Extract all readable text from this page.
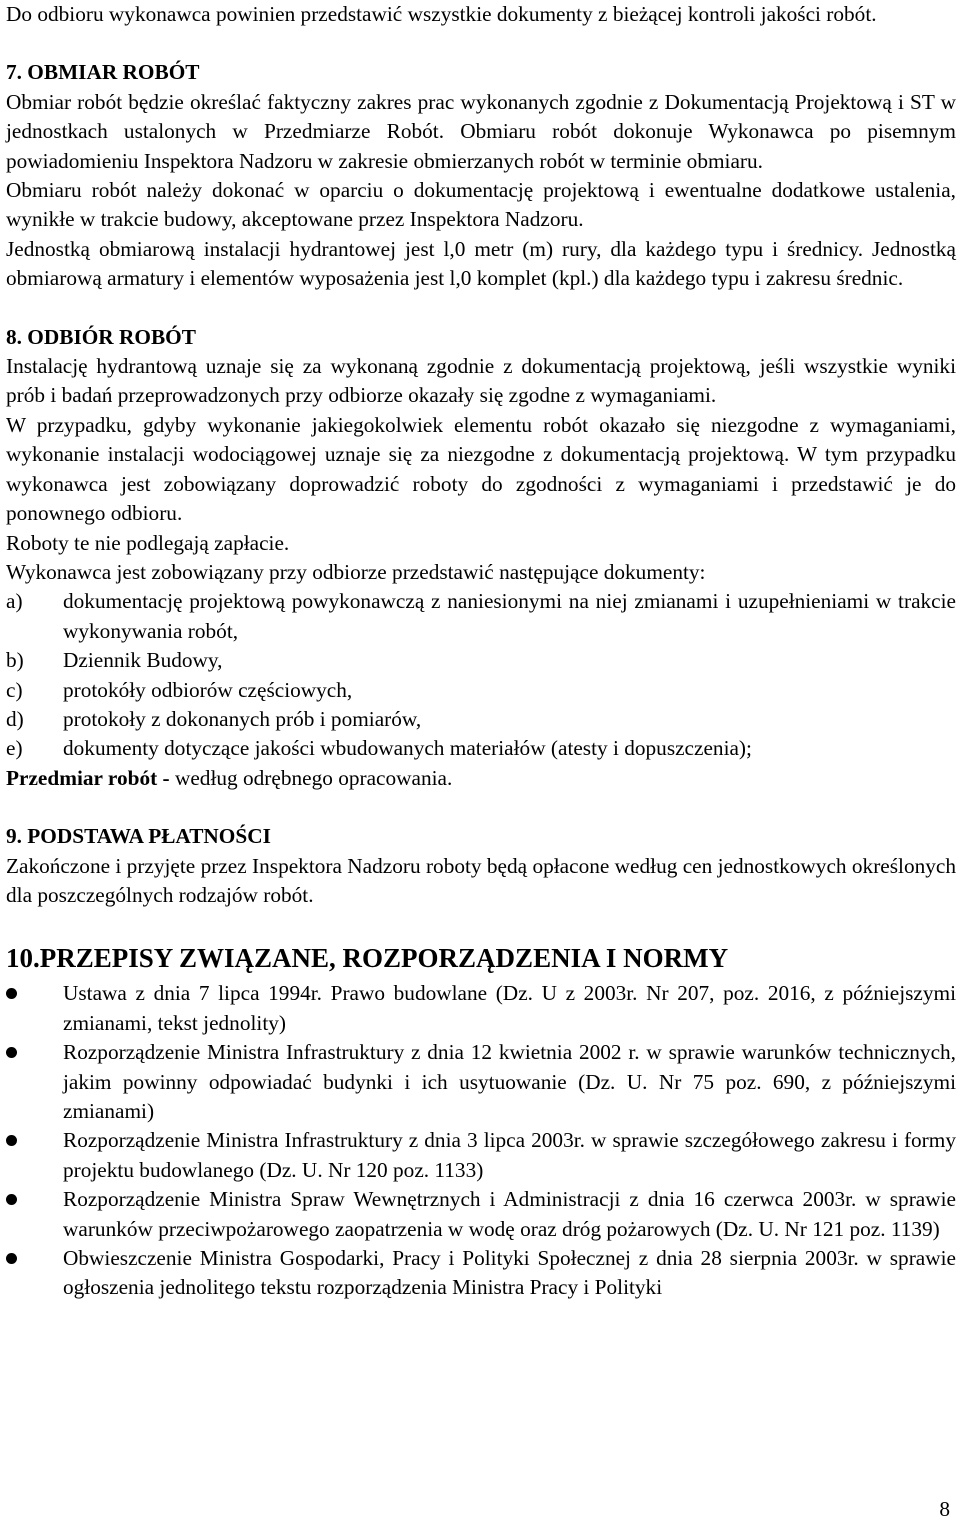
Do odbioru wykonawca powinien przedstawić wszystkie dokumenty z bieżącej kontroli jakości robót.

7. OBMIAR ROBÓT

Obmiar robót będzie określać faktyczny zakres prac wykonanych zgodnie z Dokumentacją Projektową i ST w jednostkach ustalonych w Przedmiarze Robót. Obmiaru robót dokonuje Wykonawca po pisemnym powiadomieniu Inspektora Nadzoru w zakresie obmierzanych robót w terminie obmiaru.

Obmiaru robót należy dokonać w oparciu o dokumentację projektową i ewentualne dodatkowe ustalenia, wynikłe w trakcie budowy, akceptowane przez Inspektora Nadzoru.

Jednostką obmiarową instalacji hydrantowej jest l,0 metr (m) rury, dla każdego typu i średnicy. Jednostką obmiarową armatury i elementów wyposażenia jest l,0 komplet (kpl.) dla każdego typu i zakresu średnic.

8. ODBIÓR ROBÓT

Instalację hydrantową uznaje się za wykonaną zgodnie z dokumentacją projektową, jeśli wszystkie wyniki prób i badań przeprowadzonych przy odbiorze okazały się zgodne z wymaganiami.

W przypadku, gdyby wykonanie jakiegokolwiek elementu robót okazało się niezgodne z wymaganiami, wykonanie instalacji wodociągowej uznaje się za niezgodne z dokumentacją projektową. W tym przypadku wykonawca jest zobowiązany doprowadzić roboty do zgodności z wymaganiami i przedstawić je do ponownego odbioru.

Roboty te nie podlegają zapłacie.

Wykonawca jest zobowiązany przy odbiorze przedstawić następujące dokumenty:

a) dokumentację projektową powykonawczą z naniesionymi na niej zmianami i uzupełnieniami w trakcie wykonywania robót,
b) Dziennik Budowy,
c) protokóły odbiorów częściowych,
d) protokoły z dokonanych prób i pomiarów,
e) dokumenty dotyczące jakości wbudowanych materiałów (atesty i dopuszczenia);

Przedmiar robót - według odrębnego opracowania.

9. PODSTAWA PŁATNOŚCI

Zakończone i przyjęte przez Inspektora Nadzoru roboty będą opłacone według cen jednostkowych określonych dla poszczególnych rodzajów robót.

10.PRZEPISY ZWIĄZANE, ROZPORZĄDZENIA I NORMY

Ustawa z dnia 7 lipca 1994r. Prawo budowlane (Dz. U z 2003r. Nr 207, poz. 2016, z późniejszymi zmianami, tekst jednolity)
Rozporządzenie Ministra Infrastruktury z dnia 12 kwietnia 2002 r. w sprawie warunków technicznych, jakim powinny odpowiadać budynki i ich usytuowanie (Dz. U. Nr 75 poz. 690, z późniejszymi zmianami)
Rozporządzenie Ministra Infrastruktury z dnia 3 lipca 2003r. w sprawie szczegółowego zakresu i formy projektu budowlanego (Dz. U. Nr 120 poz. 1133)
Rozporządzenie Ministra Spraw Wewnętrznych i Administracji z dnia 16 czerwca 2003r. w sprawie warunków przeciwpożarowego zaopatrzenia w wodę oraz dróg pożarowych (Dz. U. Nr 121 poz. 1139)
Obwieszczenie Ministra Gospodarki, Pracy i Polityki Społecznej z dnia 28 sierpnia 2003r. w sprawie ogłoszenia jednolitego tekstu rozporządzenia Ministra Pracy i Polityki
8
